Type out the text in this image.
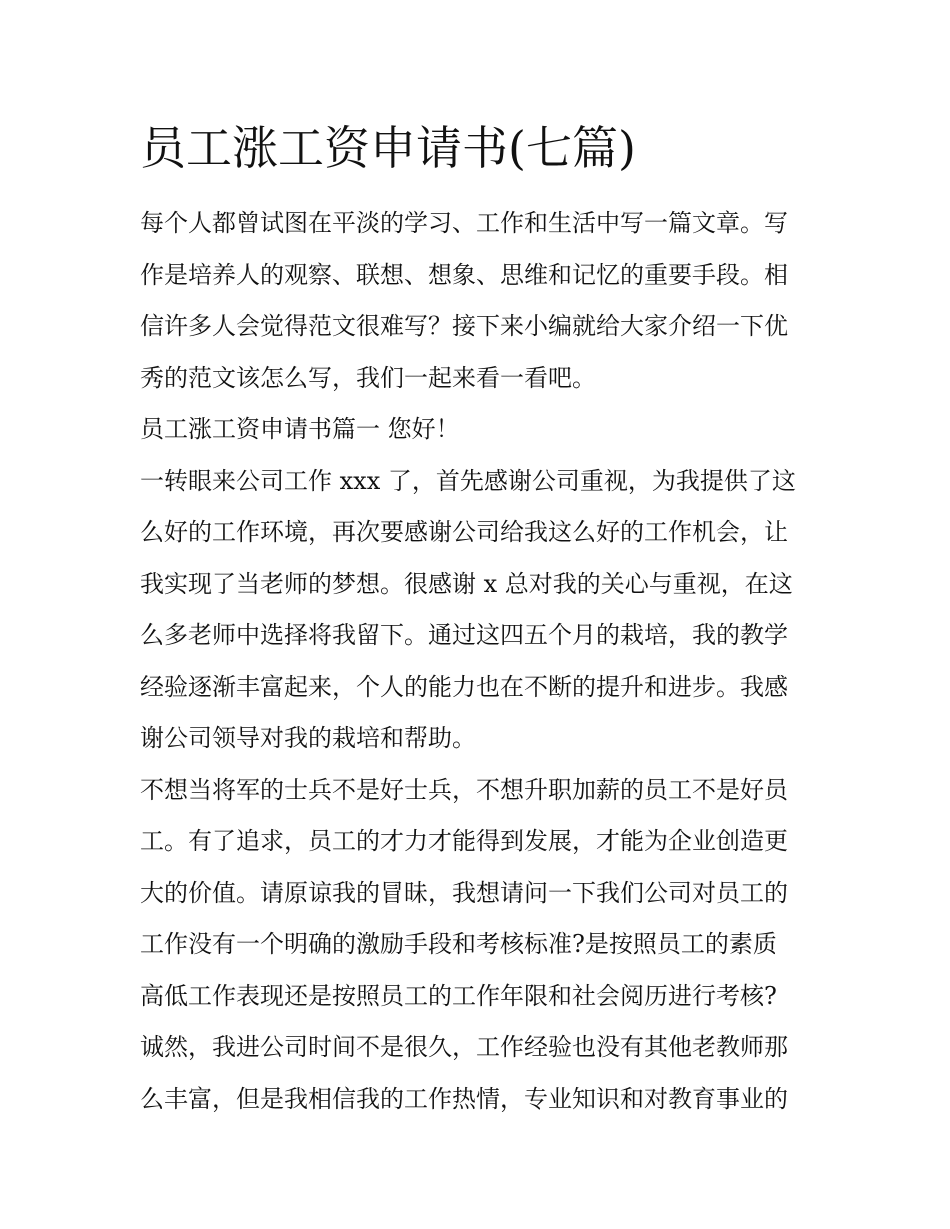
员工涨工资申请书(七篇)
每个人都曾试图在平淡的学习、工作和生活中写一篇文章。写
作是培养人的观察、联想、想象、思维和记忆的重要手段。相
信许多人会觉得范文很难写？接下来小编就给大家介绍一下优
秀的范文该怎么写，我们一起来看一看吧。
员工涨工资申请书篇一 您好！
一转眼来公司工作 xxx 了，首先感谢公司重视，为我提供了这
么好的工作环境，再次要感谢公司给我这么好的工作机会，让
我实现了当老师的梦想。很感谢 x 总对我的关心与重视，在这
么多老师中选择将我留下。通过这四五个月的栽培，我的教学
经验逐渐丰富起来，个人的能力也在不断的提升和进步。我感
谢公司领导对我的栽培和帮助。
不想当将军的士兵不是好士兵，不想升职加薪的员工不是好员
工。有了追求，员工的才力才能得到发展，才能为企业创造更
大的价值。请原谅我的冒昧，我想请问一下我们公司对员工的
工作没有一个明确的激励手段和考核标准?是按照员工的素质
高低工作表现还是按照员工的工作年限和社会阅历进行考核?
诚然，我进公司时间不是很久，工作经验也没有其他老教师那
么丰富，但是我相信我的工作热情，专业知识和对教育事业的
